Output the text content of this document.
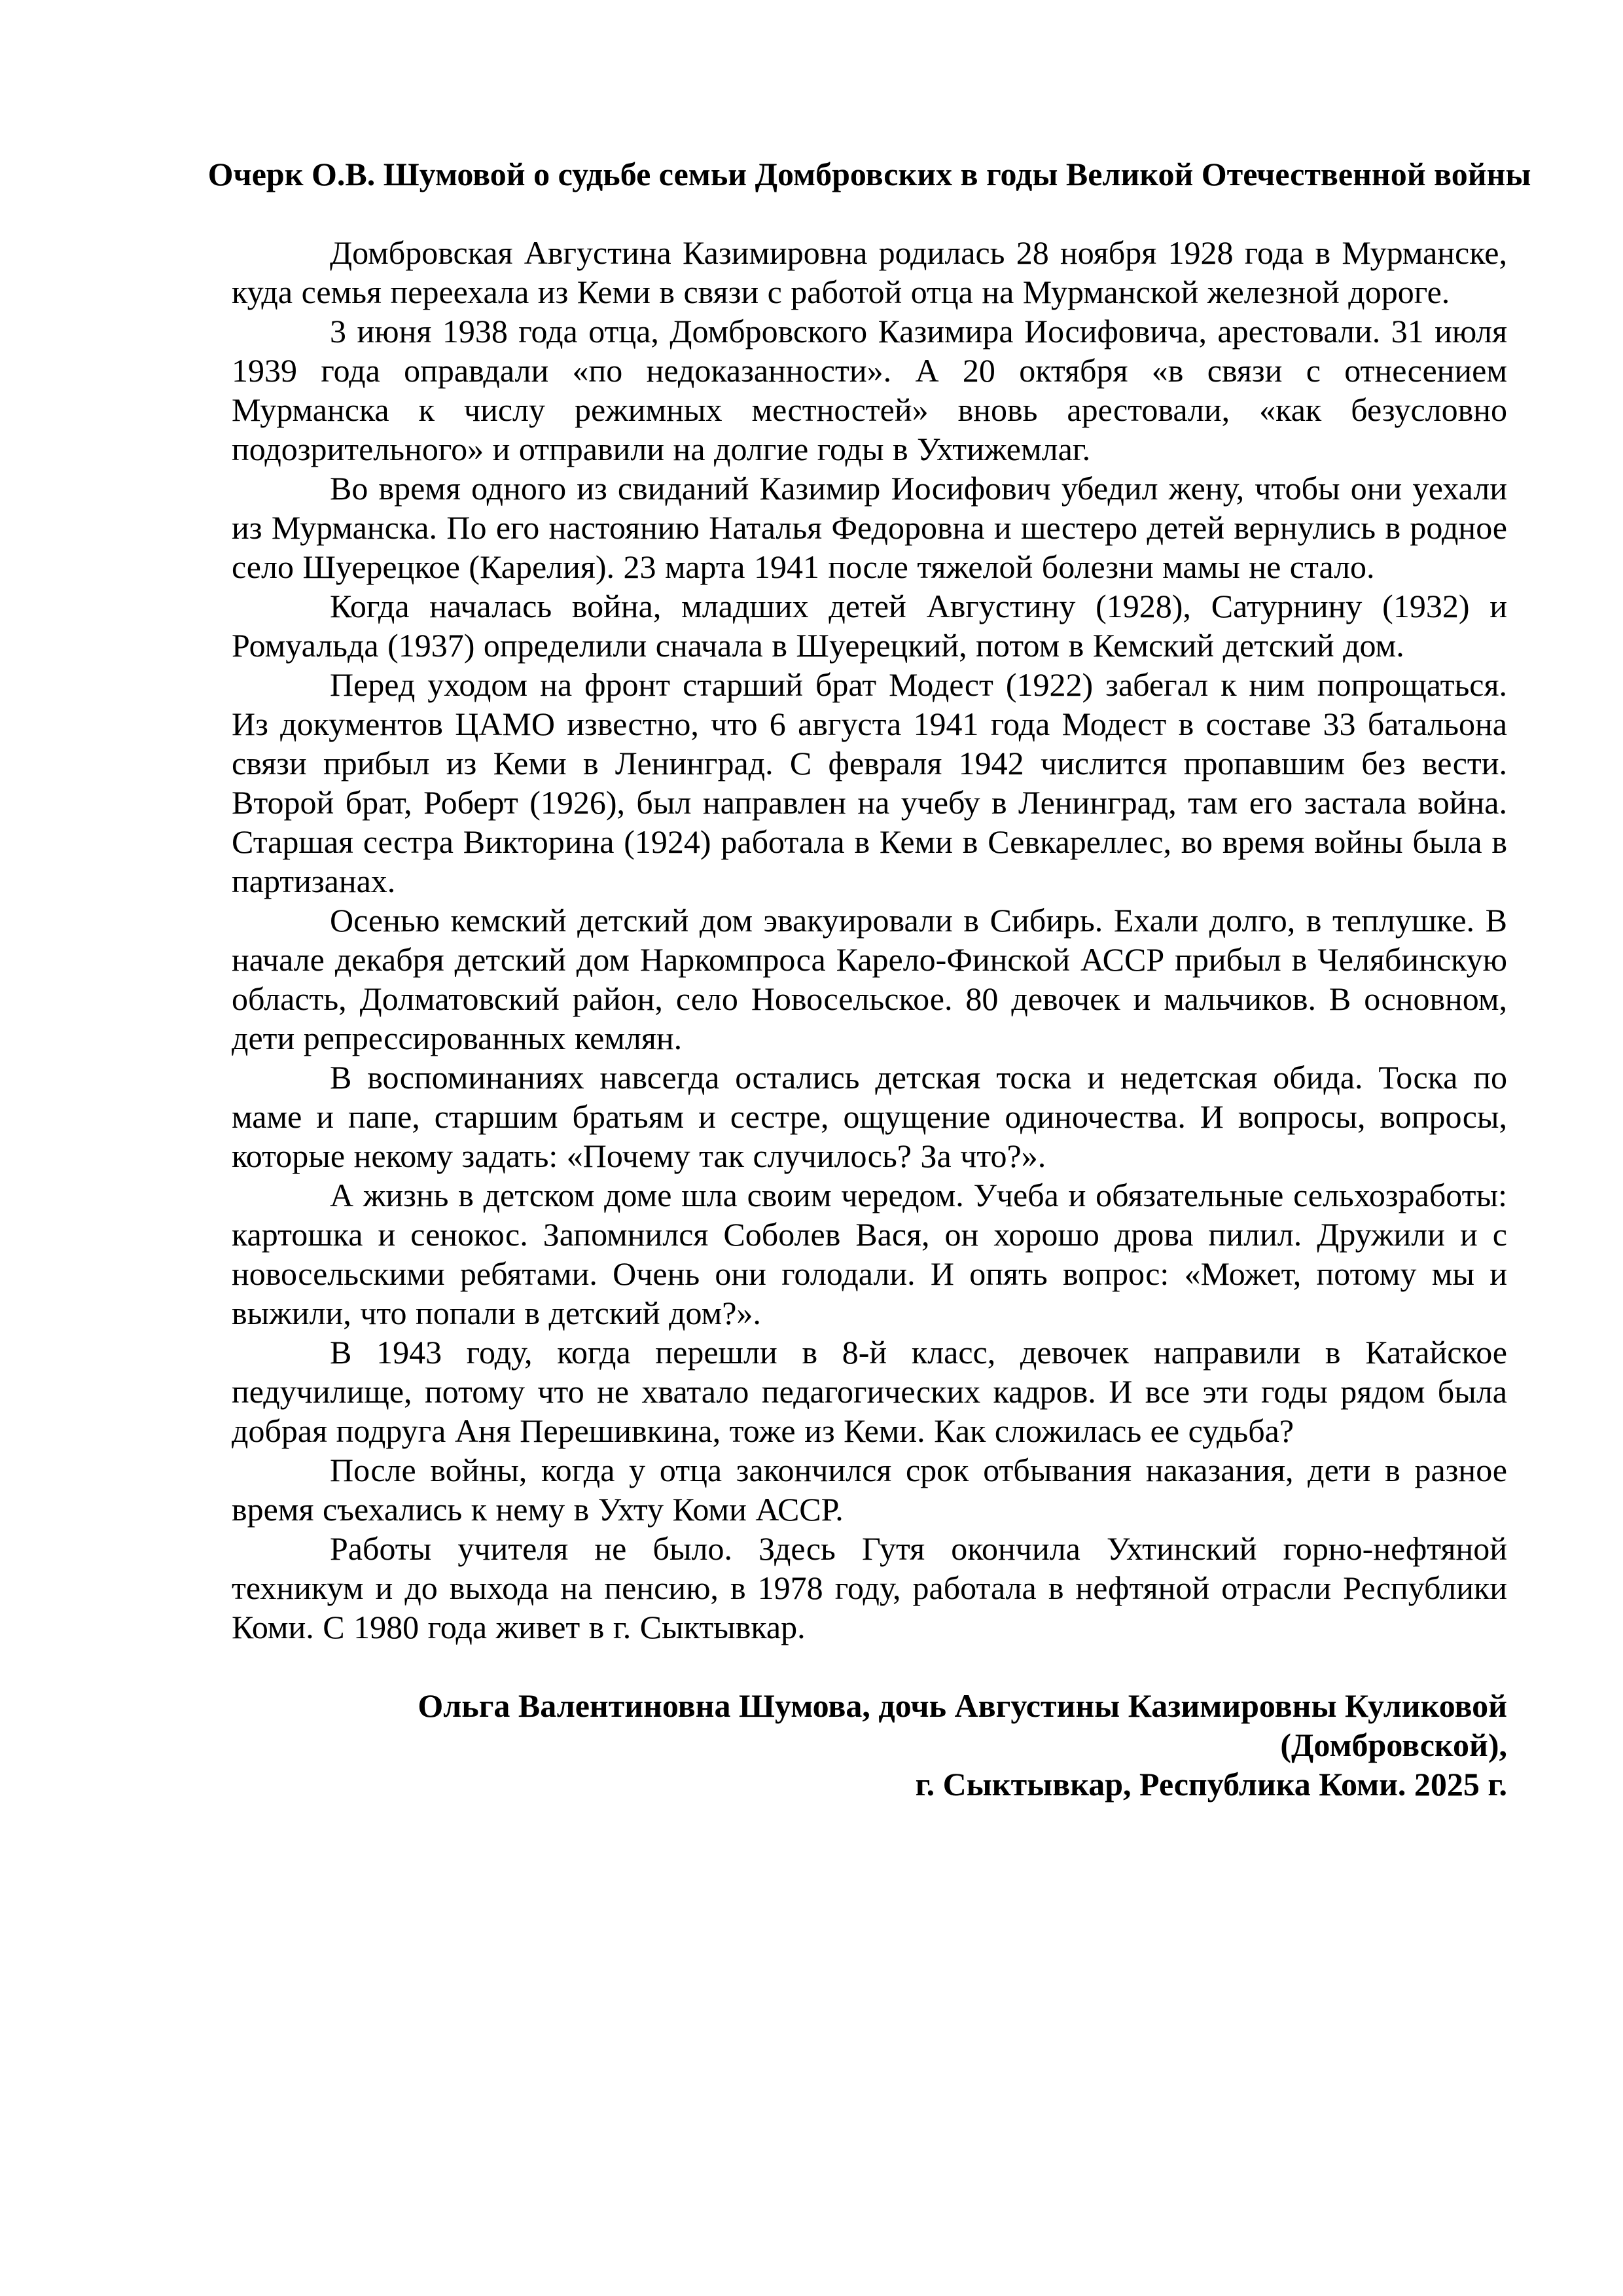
Очерк О.В. Шумовой о судьбе семьи Домбровских в годы Великой Отечественной войны

Домбровская Августина Казимировна родилась 28 ноября 1928 года в Мурманске, куда семья переехала из Кеми в связи с работой отца на Мурманской железной дороге.

3 июня 1938 года отца, Домбровского Казимира Иосифовича, арестовали. 31 июля 1939 года оправдали «по недоказанности». А 20 октября «в связи с отнесением Мурманска к числу режимных местностей» вновь арестовали, «как безусловно подозрительного» и отправили на долгие годы в Ухтижемлаг.

Во время одного из свиданий Казимир Иосифович убедил жену, чтобы они уехали из Мурманска. По его настоянию Наталья Федоровна и шестеро детей вернулись в родное село Шуерецкое (Карелия). 23 марта 1941 после тяжелой болезни мамы не стало.

Когда началась война, младших детей Августину (1928), Сатурнину (1932) и Ромуальда (1937) определили сначала в Шуерецкий, потом в Кемский детский дом.

Перед уходом на фронт старший брат Модест (1922) забегал к ним попрощаться. Из документов ЦАМО известно, что 6 августа 1941 года Модест в составе 33 батальона связи прибыл из Кеми в Ленинград. С февраля 1942 числится пропавшим без вести. Второй брат, Роберт (1926), был направлен на учебу в Ленинград, там его застала война. Старшая сестра Викторина (1924) работала в Кеми в Севкареллес, во время войны была в партизанах.

Осенью кемский детский дом эвакуировали в Сибирь. Ехали долго, в теплушке. В начале декабря детский дом Наркомпроса Карело-Финской АССР прибыл в Челябинскую область, Долматовский район, село Новосельское. 80 девочек и мальчиков. В основном, дети репрессированных кемлян.

В воспоминаниях навсегда остались детская тоска и недетская обида. Тоска по маме и папе, старшим братьям и сестре, ощущение одиночества. И вопросы, вопросы, которые некому задать: «Почему так случилось? За что?».

А жизнь в детском доме шла своим чередом. Учеба и обязательные сельхозработы: картошка и сенокос. Запомнился Соболев Вася, он хорошо дрова пилил. Дружили и с новосельскими ребятами. Очень они голодали. И опять вопрос: «Может, потому мы и выжили, что попали в детский дом?».

В 1943 году, когда перешли в 8-й класс, девочек направили в Катайское педучилище, потому что не хватало педагогических кадров. И все эти годы рядом была добрая подруга Аня Перешивкина, тоже из Кеми. Как сложилась ее судьба?

После войны, когда у отца закончился срок отбывания наказания, дети в разное время съехались к нему в Ухту Коми АССР.

Работы учителя не было. Здесь Гутя окончила Ухтинский горно-нефтяной техникум и до выхода на пенсию, в 1978 году, работала в нефтяной отрасли Республики Коми. С 1980 года живет в г. Сыктывкар.

Ольга Валентиновна Шумова, дочь Августины Казимировны Куликовой (Домбровской),

г. Сыктывкар, Республика Коми. 2025 г.
